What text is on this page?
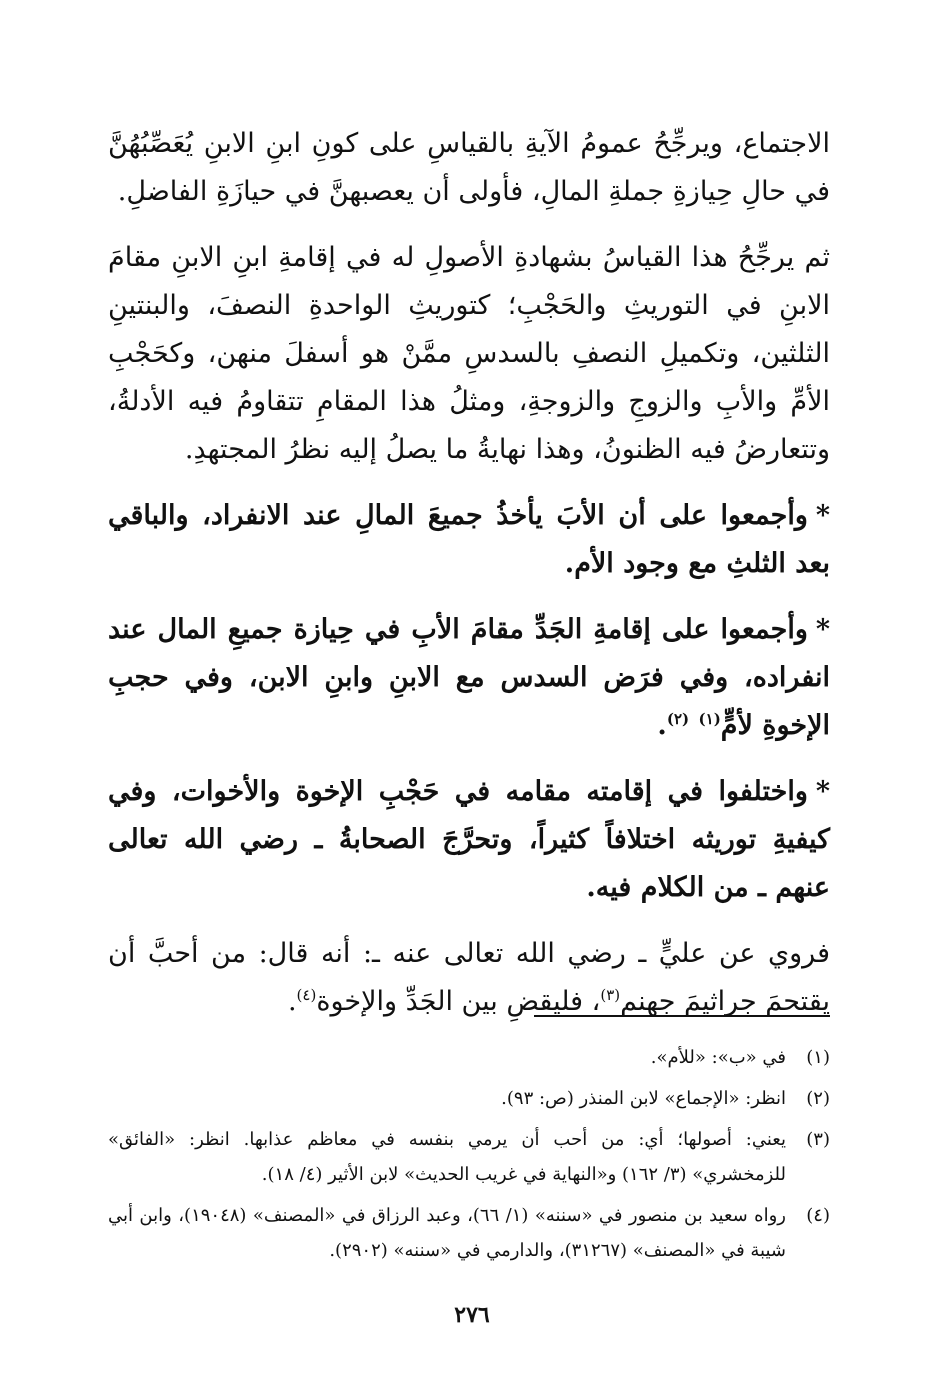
الاجتماع، ويرجِّحُ عمومُ الآيةِ بالقياسِ على كونِ ابنِ الابنِ يُعَصِّبُهُنَّ في حالِ حِيازةِ جملةِ المالِ، فأولى أن يعصبهنَّ في حيازَةِ الفاضلِ.

ثم يرجِّحُ هذا القياسُ بشهادةِ الأصولِ له في إقامةِ ابنِ الابنِ مقامَ الابنِ في التوريثِ والحَجْبِ؛ كتوريثِ الواحدةِ النصفَ، والبنتينِ الثلثين، وتكميلِ النصفِ بالسدسِ ممَّنْ هو أسفلَ منهن، وكحَجْبِ الأمِّ والأبِ والزوجِ والزوجةِ، ومثلُ هذا المقامِ تتقاومُ فيه الأدلةُ، وتتعارضُ فيه الظنونُ، وهذا نهايةُ ما يصلُ إليه نظرُ المجتهدِ.

*وأجمعوا على أن الأبَ يأخذُ جميعَ المالِ عند الانفراد، والباقي بعد الثلثِ مع وجود الأم.

*وأجمعوا على إقامةِ الجَدِّ مقامَ الأبِ في حِيازة جميعِ المال عند انفراده، وفي فرَض السدس مع الابنِ وابنِ الابن، وفي حجبِ الإخوةِ لأمٍّ$^{(١)}$ $^{(٢)}$.

*واختلفوا في إقامته مقامه في حَجْبِ الإخوة والأخوات، وفي كيفيةِ توريثه اختلافاً كثيراً، وتحرَّجَ الصحابةُ ـ رضي الله تعالى عنهم ـ من الكلام فيه.

فروي عن عليٍّ ـ رضي الله تعالى عنه ـ: أنه قال: من أحبَّ أن يقتحمَ جراثيمَ جهنم$^{(٣)}$، فليقضِ بين الجَدِّ والإخوة$^{(٤)}$.

(١)
في «ب»: «للأم».
(٢)
انظر: «الإجماع» لابن المنذر (ص: ٩٣).
(٣)
يعني: أصولها؛ أي: من أحب أن يرمي بنفسه في معاظم عذابها. انظر: «الفائق» للزمخشري» (٣/ ١٦٢) و«النهاية في غريب الحديث» لابن الأثير (٤/ ١٨).
(٤)
رواه سعيد بن منصور في «سننه» (١/ ٦٦)، وعبد الرزاق في «المصنف» (١٩٠٤٨)، وابن أبي شيبة في «المصنف» (٣١٢٦٧)، والدارمي في «سننه» (٢٩٠٢).
٢٧٦
